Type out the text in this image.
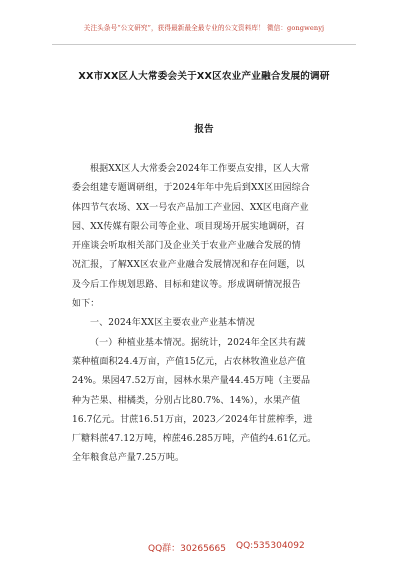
关注头条号“公文研究”，获得最新最全最专业的公文资料库！ 微信：gongwenyj
XX市XX区人大常委会关于XX区农业产业融合发展的调研
报告
根据XX区人大常委会2024年工作要点安排，区人大常
委会组建专题调研组，于2024年年中先后到XX区田园综合
体四节气农场、XX一号农产品加工产业园、XX区电商产业
园、XX传媒有限公司等企业、项目现场开展实地调研，召
开座谈会听取相关部门及企业关于农业产业融合发展的情
况汇报，了解XX区农业产业融合发展情况和存在问题，以
及今后工作规划思路、目标和建议等。形成调研情况报告
如下：
一、2024年XX区主要农业产业基本情况
（一）种植业基本情况。据统计，2024年全区共有蔬
菜种植面积24.4万亩，产值15亿元，占农林牧渔业总产值
24%。果园47.52万亩，园林水果产量44.45万吨（主要品
种为芒果、柑橘类，分别占比80.7%、14%），水果产值
16.7亿元。甘蔗16.51万亩，2023／2024年甘蔗榨季，进
厂糖料蔗47.12万吨，榨蔗46.285万吨，产值约4.61亿元。
全年粮食总产量7.25万吨。
QQ群：30265665 QQ:535304092
